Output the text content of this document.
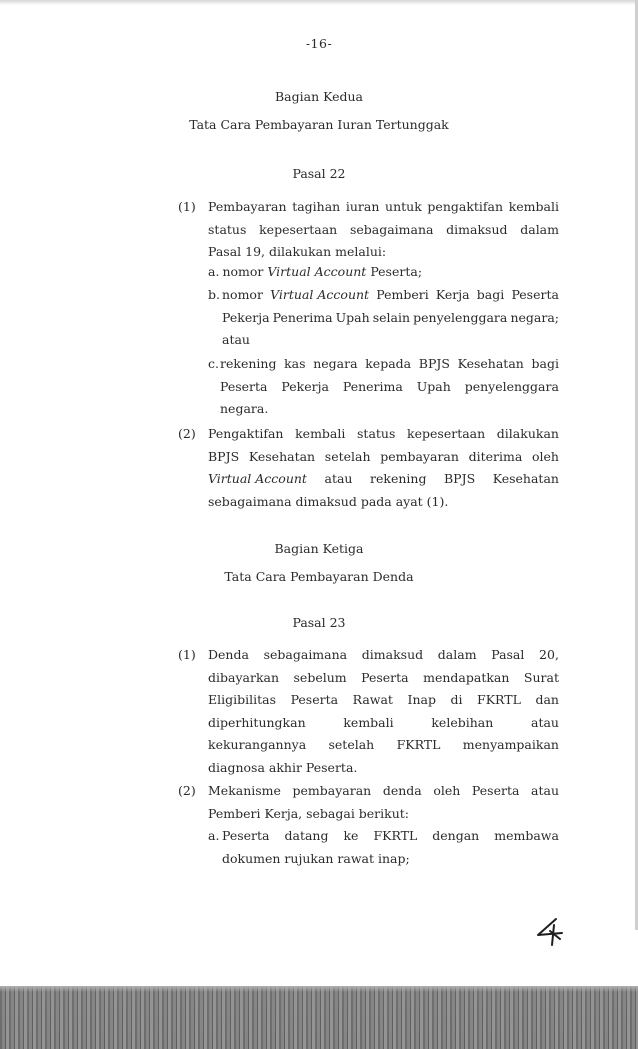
-16-
Bagian Kedua
Tata Cara Pembayaran Iuran Tertunggak
Pasal 22
(1) Pembayaran tagihan iuran untuk pengaktifan kembali
status kepesertaan sebagaimana dimaksud dalam
Pasal 19, dilakukan melalui:
a. nomor Virtual Account Peserta;
b. nomor Virtual Account Pemberi Kerja bagi Peserta
Pekerja Penerima Upah selain penyelenggara negara;
atau
c. rekening kas negara kepada BPJS Kesehatan bagi
Peserta Pekerja Penerima Upah penyelenggara
negara.
(2) Pengaktifan kembali status kepesertaan dilakukan
BPJS Kesehatan setelah pembayaran diterima oleh
Virtual Account atau rekening BPJS Kesehatan
sebagaimana dimaksud pada ayat (1).
Bagian Ketiga
Tata Cara Pembayaran Denda
Pasal 23
(1) Denda sebagaimana dimaksud dalam Pasal 20,
dibayarkan sebelum Peserta mendapatkan Surat
Eligibilitas Peserta Rawat Inap di FKRTL dan
diperhitungkan	kembali	kelebihan	atau
kekurangannya setelah FKRTL menyampaikan
diagnosa akhir Peserta.
(2) Mekanisme pembayaran denda oleh Peserta atau
Pemberi Kerja, sebagai berikut:
a. Peserta datang ke FKRTL dengan membawa
dokumen rujukan rawat inap;
